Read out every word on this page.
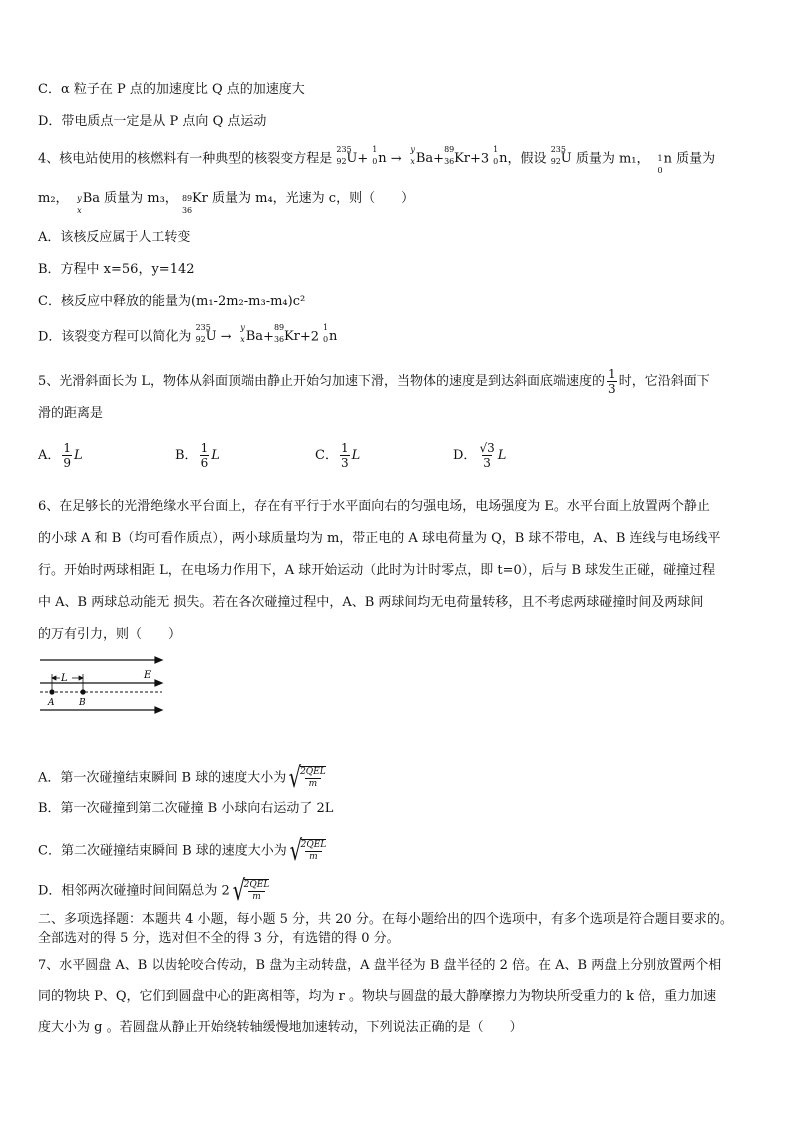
C．α 粒子在 P 点的加速度比 Q 点的加速度大
D．带电质点一定是从 P 点向 Q 点运动
4、核电站使用的核燃料有一种典型的核裂变方程是
235
92 U+
1
0 n →
y
x Ba+
89
36 Kr+3
1
0 n，假设
235
92 U 质量为 m₁，	1
0
n 质量为
m₂，	y
x
Ba 质量为 m₃， 89
36
Kr 质量为 m₄，光速为 c，则（　　）
A．该核反应属于人工转变
B．方程中 x=56，y=142
C．核反应中释放的能量为(m₁-2m₂-m₃-m₄)c²
D．该裂变方程可以简化为
235
92 U →
y
x Ba+
89
36 Kr+2
1
0 n
5、光滑斜面长为 L，物体从斜面顶端由静止开始匀加速下滑，当物体的速度是到达斜面底端速度的 $\frac{1}{3}$ 时，它沿斜面下
滑的距离是
A． $\frac{1}{9}$ L	B． $\frac{1}{6}$ L	C． $\frac{1}{3}$ L	D． $\frac{√3}{3}$ L
6、在足够长的光滑绝缘水平台面上，存在有平行于水平面向右的匀强电场，电场强度为 E。水平台面上放置两个静止
的小球 A 和 B（均可看作质点），两小球质量均为 m，带正电的 A 球电荷量为 Q，B 球不带电，A、B 连线与电场线平
行。开始时两球相距 L，在电场力作用下，A 球开始运动（此时为计时零点，即 t=0），后与 B 球发生正碰，碰撞过程
中 A、B 两球总动能无 损失。若在各次碰撞过程中，A、B 两球间均无电荷量转移，且不考虑两球碰撞时间及两球间
的万有引力，则（　　）
L	E
A	B
A．第一次碰撞结束瞬间 B 球的速度大小为 √
2QEL
m
B．第一次碰撞到第二次碰撞 B 小球向右运动了 2L
C．第二次碰撞结束瞬间 B 球的速度大小为 √
2QEL
m
D．相邻两次碰撞时间间隔总为 2 √
2QEL
m
二、多项选择题：本题共 4 小题，每小题 5 分，共 20 分。在每小题给出的四个选项中，有多个选项是符合题目要求的。
全部选对的得 5 分，选对但不全的得 3 分，有选错的得 0 分。
7、水平圆盘 A、B 以齿轮咬合传动，B 盘为主动转盘，A 盘半径为 B 盘半径的 2 倍。在 A、B 两盘上分别放置两个相
同的物块 P、Q，它们到圆盘中心的距离相等，均为 r 。物块与圆盘的最大静摩擦力为物块所受重力的 k 倍，重力加速
度大小为 g 。若圆盘从静止开始绕转轴缓慢地加速转动，下列说法正确的是（　　）
